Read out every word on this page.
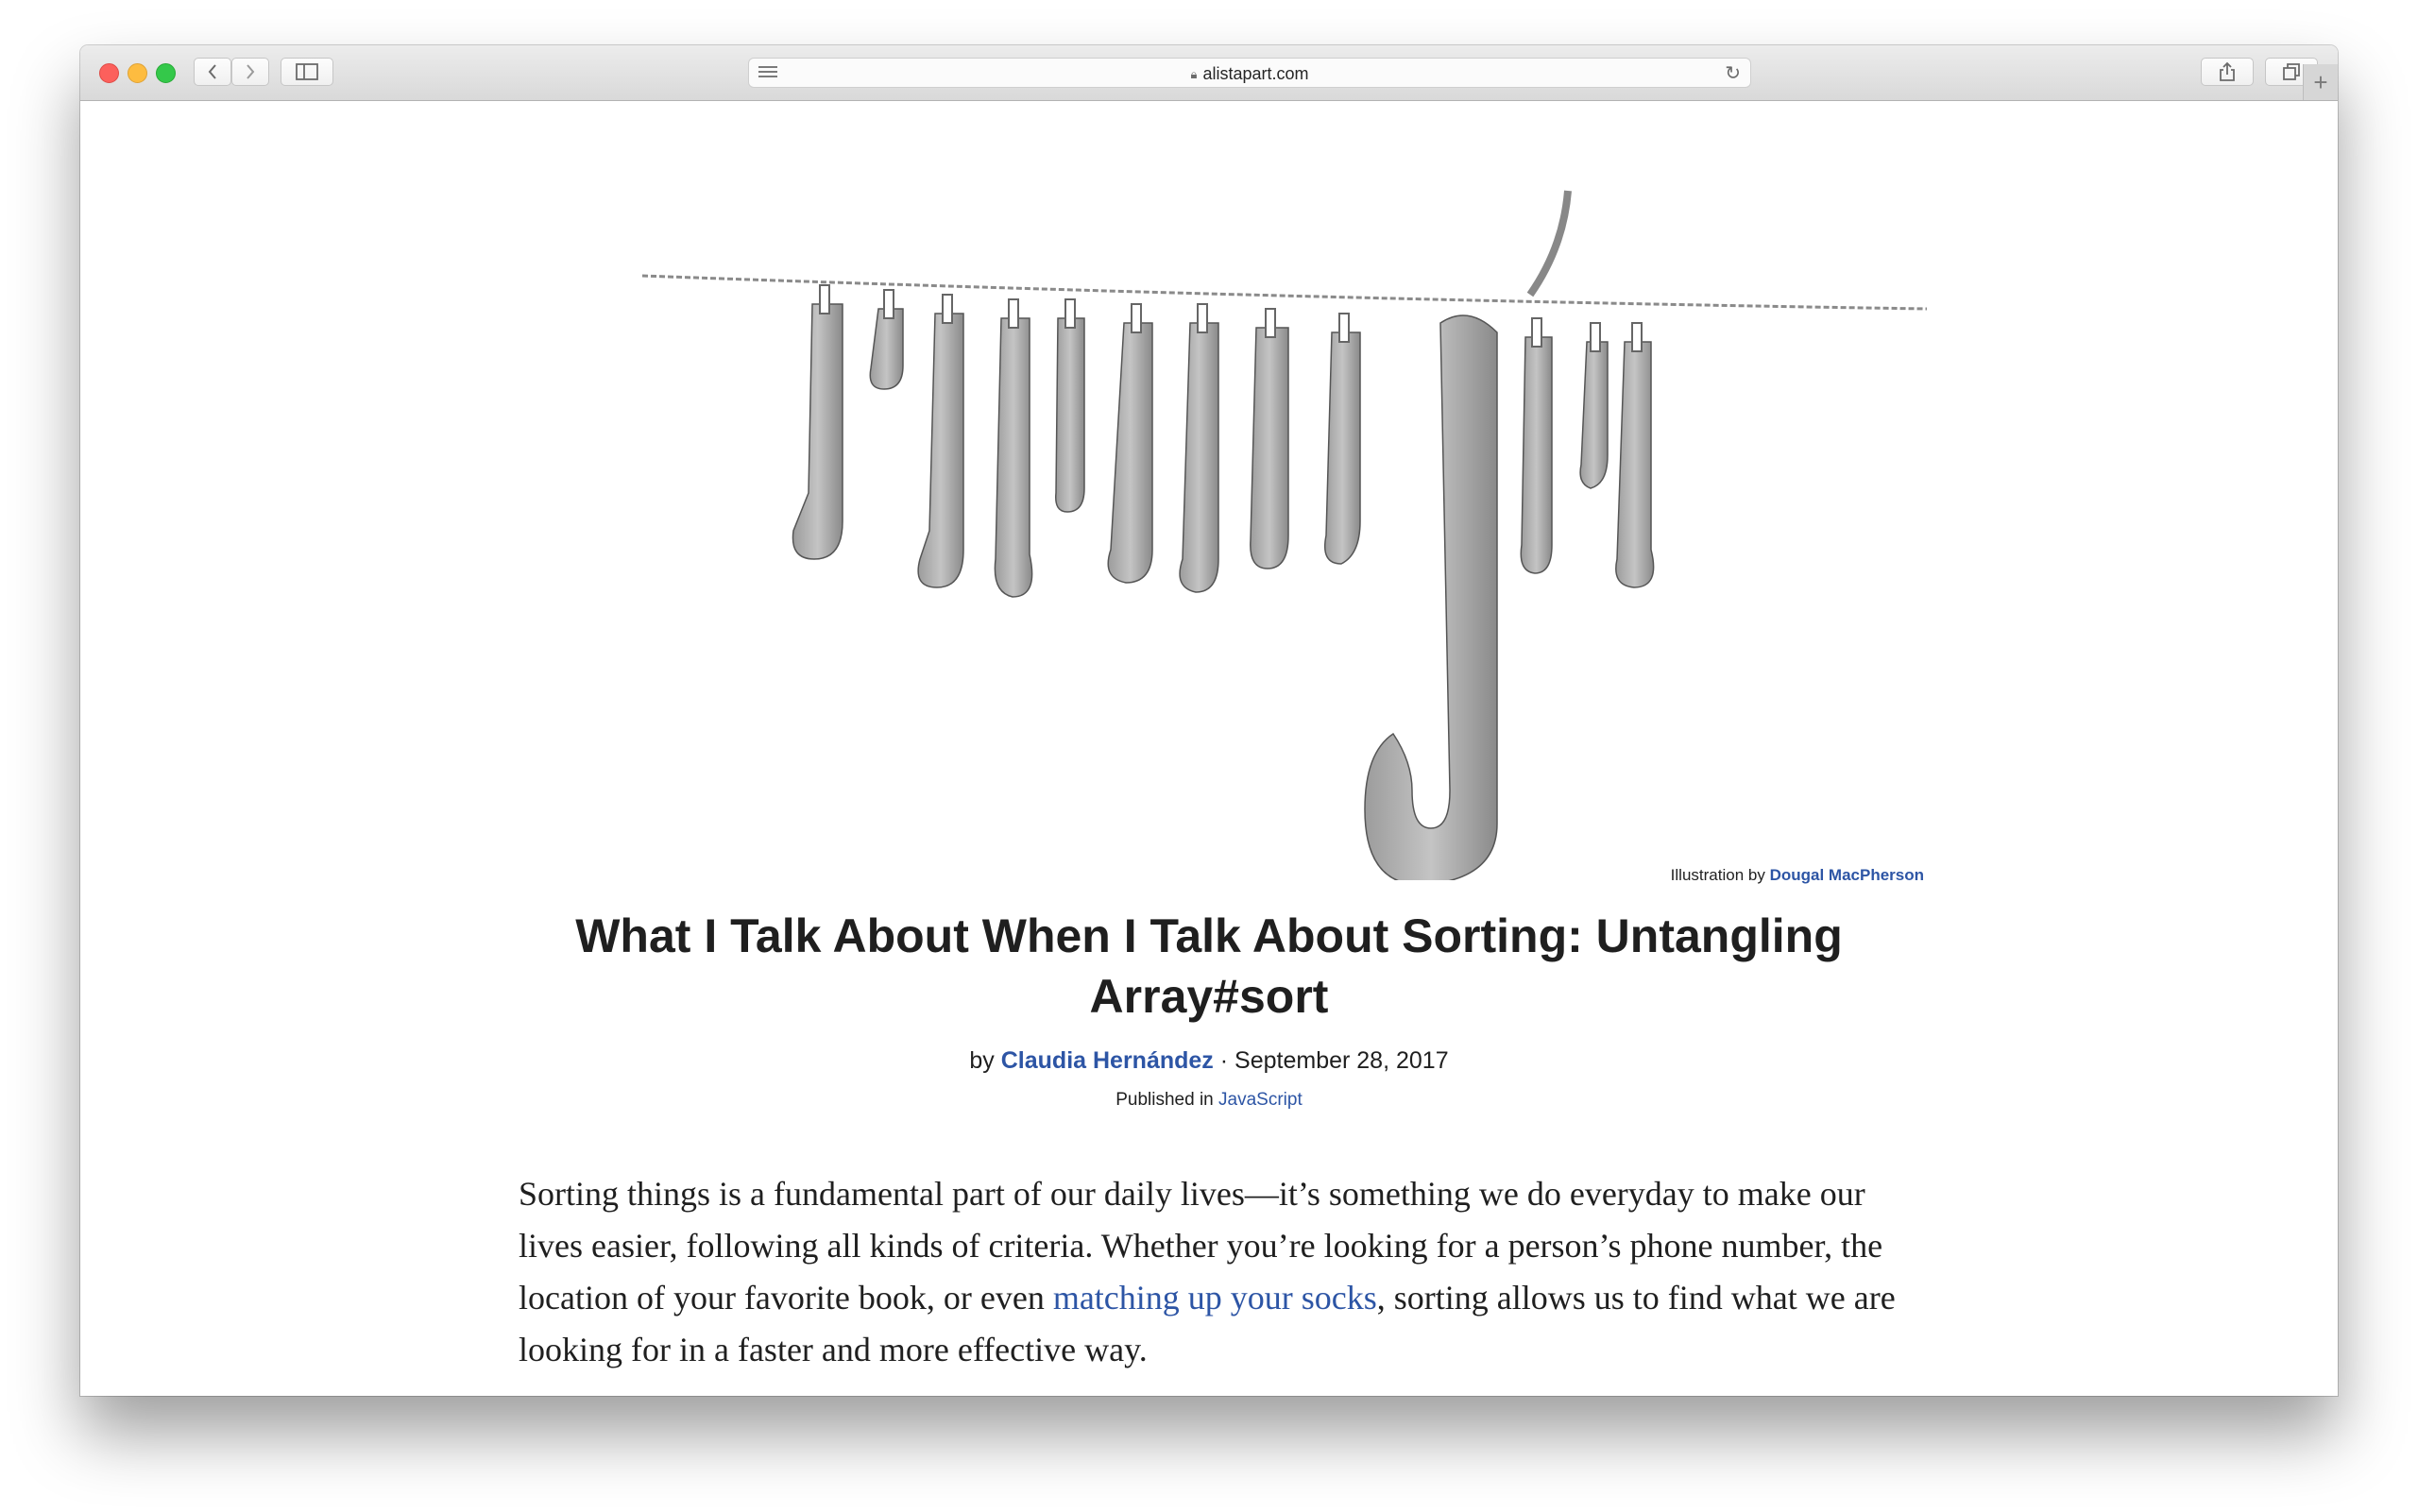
🔒︎ alistapart.com	↻	+
Illustration by Dougal MacPherson
What I Talk About When I Talk About Sorting: Untangling Array#sort
by Claudia Hernández · September 28, 2017
Published in JavaScript

Sorting things is a fundamental part of our daily lives—it’s something we do everyday to make our lives easier, following all kinds of criteria. Whether you’re looking for a person’s phone number, the location of your favorite book, or even matching up your socks, sorting allows us to find what we are looking for in a faster and more effective way.
